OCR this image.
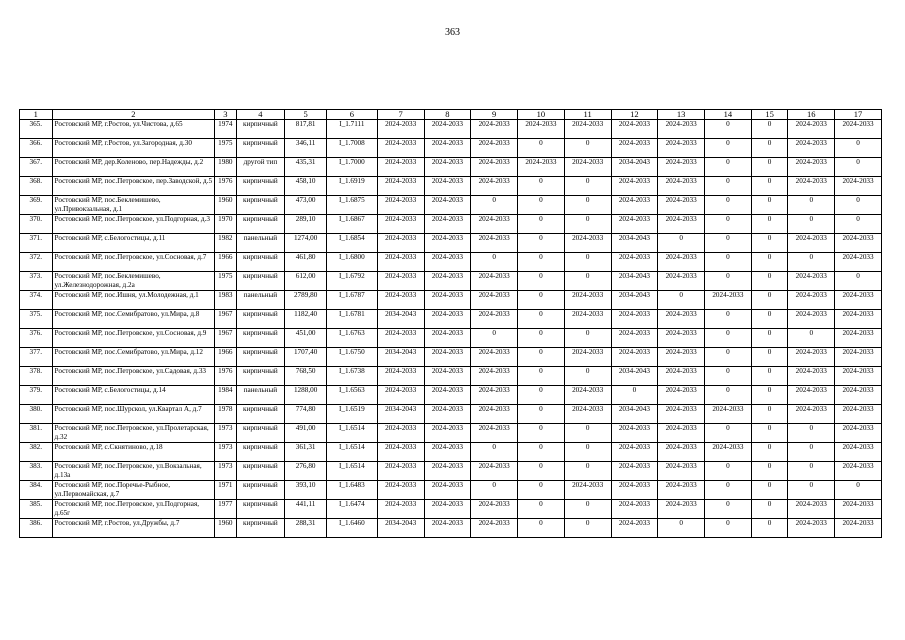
363
1	2	3	4	5	6	7	8	9	10	11	12	13	14	15	16	17
365.	Ростовский МР, г.Ростов, ул.Чистова, д.65	1974	кирпичный	817,81	I_1.7111	2024-2033	2024-2033	2024-2033	2024-2033	2024-2033	2024-2033	2024-2033	0	0	2024-2033	2024-2033
366.	Ростовский МР, г.Ростов, ул.Загородная, д.30	1975	кирпичный	346,11	I_1.7008	2024-2033	2024-2033	2024-2033	0	0	2024-2033	2024-2033	0	0	2024-2033	0
367.	Ростовский МР, дер.Коленово, пер.Надежды, д.2	1980	другой тип	435,31	I_1.7000	2024-2033	2024-2033	2024-2033	2024-2033	2024-2033	2034-2043	2024-2033	0	0	2024-2033	0
368.	Ростовский МР, пос.Петровское, пер.Заводской, д.5	1976	кирпичный	458,10	I_1.6919	2024-2033	2024-2033	2024-2033	0	0	2024-2033	2024-2033	0	0	2024-2033	2024-2033
369.	Ростовский МР, пос.Беклемишево, ул.Привокзальная, д.1	1960	кирпичный	473,00	I_1.6875	2024-2033	2024-2033	0	0	0	2024-2033	2024-2033	0	0	0	0
370.	Ростовский МР, пос.Петровское, ул.Подгорная, д.3	1970	кирпичный	289,10	I_1.6867	2024-2033	2024-2033	2024-2033	0	0	2024-2033	2024-2033	0	0	0	0
371.	Ростовский МР, с.Белогостицы, д.11	1982	панельный	1274,00	I_1.6854	2024-2033	2024-2033	2024-2033	0	2024-2033	2034-2043	0	0	0	2024-2033	2024-2033
372.	Ростовский МР, пос.Петровское, ул.Сосновая, д.7	1966	кирпичный	461,80	I_1.6800	2024-2033	2024-2033	0	0	0	2024-2033	2024-2033	0	0	0	2024-2033
373.	Ростовский МР, пос.Беклемишево, ул.Железнодорожная, д.2а	1975	кирпичный	612,00	I_1.6792	2024-2033	2024-2033	2024-2033	0	0	2034-2043	2024-2033	0	0	2024-2033	0
374.	Ростовский МР, пос.Ишня, ул.Молодежная, д.1	1983	панельный	2789,80	I_1.6787	2024-2033	2024-2033	2024-2033	0	2024-2033	2034-2043	0	2024-2033	0	2024-2033	2024-2033
375.	Ростовский МР, пос.Семибратово, ул.Мира, д.8	1967	кирпичный	1182,40	I_1.6781	2034-2043	2024-2033	2024-2033	0	2024-2033	2024-2033	2024-2033	0	0	2024-2033	2024-2033
376.	Ростовский МР, пос.Петровское, ул.Сосновая, д.9	1967	кирпичный	451,00	I_1.6763	2024-2033	2024-2033	0	0	0	2024-2033	2024-2033	0	0	0	2024-2033
377.	Ростовский МР, пос.Семибратово, ул.Мира, д.12	1966	кирпичный	1707,40	I_1.6750	2034-2043	2024-2033	2024-2033	0	2024-2033	2024-2033	2024-2033	0	0	2024-2033	2024-2033
378.	Ростовский МР, пос.Петровское, ул.Садовая, д.33	1976	кирпичный	768,50	I_1.6738	2024-2033	2024-2033	2024-2033	0	0	2034-2043	2024-2033	0	0	2024-2033	2024-2033
379.	Ростовский МР, с.Белогостицы, д.14	1984	панельный	1288,00	I_1.6563	2024-2033	2024-2033	2024-2033	0	2024-2033	0	2024-2033	0	0	2024-2033	2024-2033
380.	Ростовский МР, пос.Шурскол, ул.Квартал А, д.7	1978	кирпичный	774,80	I_1.6519	2034-2043	2024-2033	2024-2033	0	2024-2033	2034-2043	2024-2033	2024-2033	0	2024-2033	2024-2033
381.	Ростовский МР, пос.Петровское, ул.Пролетарская, д.32	1973	кирпичный	491,00	I_1.6514	2024-2033	2024-2033	2024-2033	0	0	2024-2033	2024-2033	0	0	0	2024-2033
382.	Ростовский МР, с.Скнятиново, д.18	1973	кирпичный	361,31	I_1.6514	2024-2033	2024-2033	0	0	0	2024-2033	2024-2033	2024-2033	0	0	2024-2033
383.	Ростовский МР, пос.Петровское, ул.Вокзальная, д.13а	1973	кирпичный	276,80	I_1.6514	2024-2033	2024-2033	2024-2033	0	0	2024-2033	2024-2033	0	0	0	2024-2033
384.	Ростовский МР, пос.Поречье-Рыбное, ул.Первомайская, д.7	1971	кирпичный	393,10	I_1.6483	2024-2033	2024-2033	0	0	2024-2033	2024-2033	2024-2033	0	0	0	0
385.	Ростовский МР, пос.Петровское, ул.Подгорная, д.65г	1977	кирпичный	441,11	I_1.6474	2024-2033	2024-2033	2024-2033	0	0	2024-2033	2024-2033	0	0	2024-2033	2024-2033
386.	Ростовский МР, г.Ростов, ул.Дружбы, д.7	1960	кирпичный	288,31	I_1.6460	2034-2043	2024-2033	2024-2033	0	0	2024-2033	0	0	0	2024-2033	2024-2033
